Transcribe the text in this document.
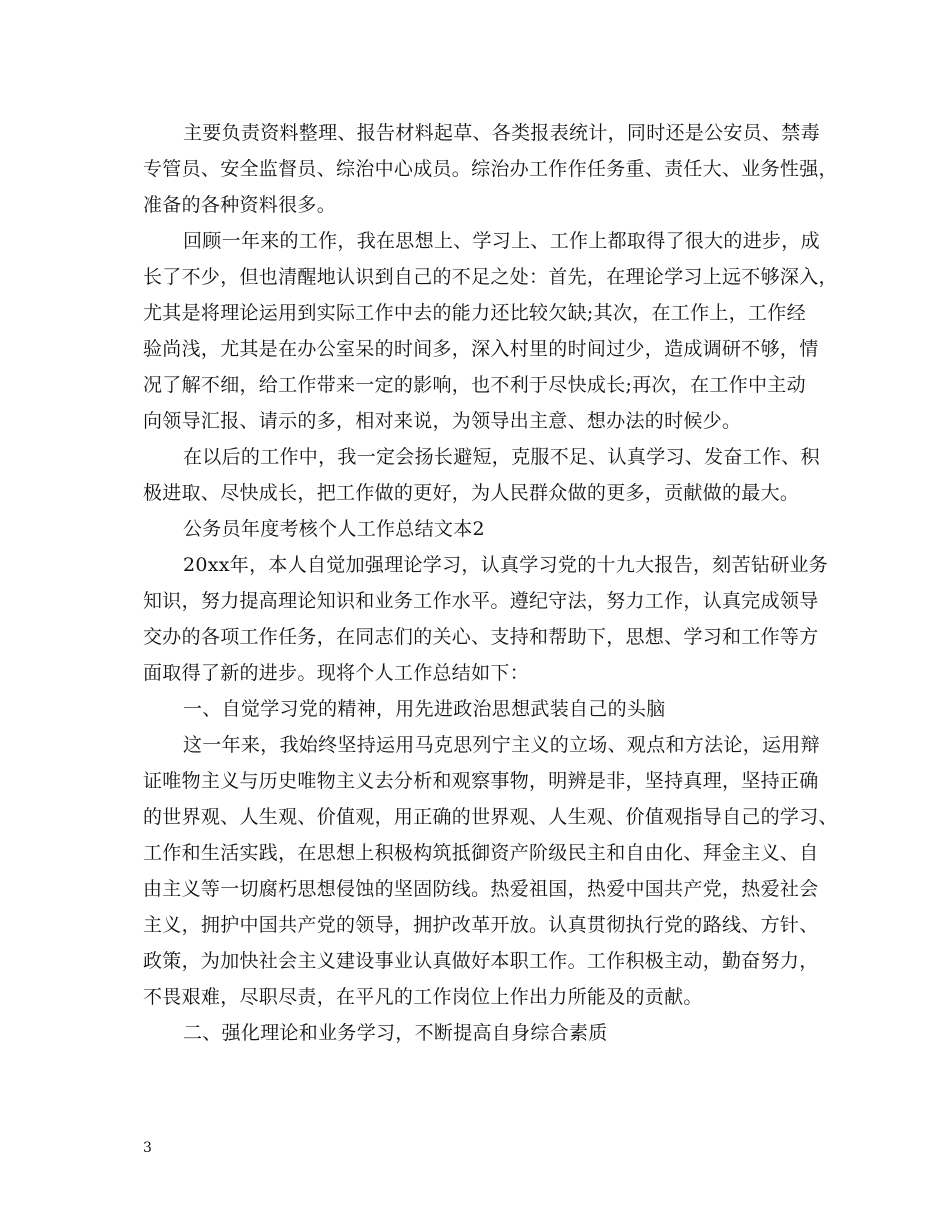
主要负责资料整理、报告材料起草、各类报表统计，同时还是公安员、禁毒
专管员、安全监督员、综治中心成员。综治办工作作任务重、责任大、业务性强，
准备的各种资料很多。
回顾一年来的工作，我在思想上、学习上、工作上都取得了很大的进步，成
长了不少，但也清醒地认识到自己的不足之处：首先，在理论学习上远不够深入，
尤其是将理论运用到实际工作中去的能力还比较欠缺;其次，在工作上，工作经
验尚浅，尤其是在办公室呆的时间多，深入村里的时间过少，造成调研不够，情
况了解不细，给工作带来一定的影响，也不利于尽快成长;再次，在工作中主动
向领导汇报、请示的多，相对来说，为领导出主意、想办法的时候少。
在以后的工作中，我一定会扬长避短，克服不足、认真学习、发奋工作、积
极进取、尽快成长，把工作做的更好，为人民群众做的更多，贡献做的最大。
公务员年度考核个人工作总结文本2
20xx年，本人自觉加强理论学习，认真学习党的十九大报告，刻苦钻研业务
知识，努力提高理论知识和业务工作水平。遵纪守法，努力工作，认真完成领导
交办的各项工作任务，在同志们的关心、支持和帮助下，思想、学习和工作等方
面取得了新的进步。现将个人工作总结如下：
一、自觉学习党的精神，用先进政治思想武装自己的头脑
这一年来，我始终坚持运用马克思列宁主义的立场、观点和方法论，运用辩
证唯物主义与历史唯物主义去分析和观察事物，明辨是非，坚持真理，坚持正确
的世界观、人生观、价值观，用正确的世界观、人生观、价值观指导自己的学习、
工作和生活实践，在思想上积极构筑抵御资产阶级民主和自由化、拜金主义、自
由主义等一切腐朽思想侵蚀的坚固防线。热爱祖国，热爱中国共产党，热爱社会
主义，拥护中国共产党的领导，拥护改革开放。认真贯彻执行党的路线、方针、
政策，为加快社会主义建设事业认真做好本职工作。工作积极主动，勤奋努力，
不畏艰难，尽职尽责，在平凡的工作岗位上作出力所能及的贡献。
二、强化理论和业务学习，不断提高自身综合素质
3
